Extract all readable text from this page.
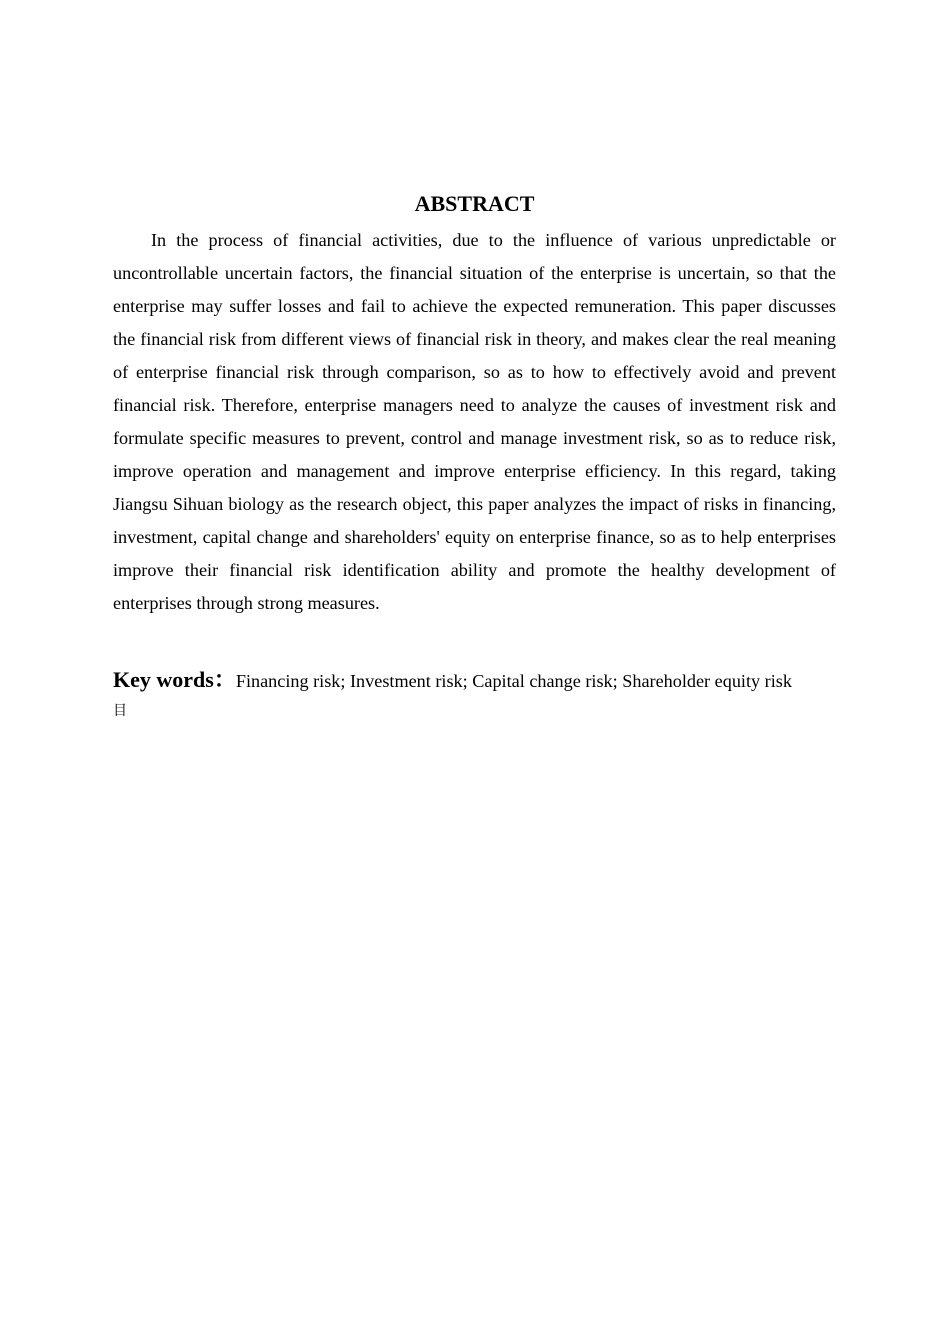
ABSTRACT

In the process of financial activities, due to the influence of various unpredictable or uncontrollable uncertain factors, the financial situation of the enterprise is uncertain, so that the enterprise may suffer losses and fail to achieve the expected remuneration. This paper discusses the financial risk from different views of financial risk in theory, and makes clear the real meaning of enterprise financial risk through comparison, so as to how to effectively avoid and prevent financial risk. Therefore, enterprise managers need to analyze the causes of investment risk and formulate specific measures to prevent, control and manage investment risk, so as to reduce risk, improve operation and management and improve enterprise efficiency. In this regard, taking Jiangsu Sihuan biology as the research object, this paper analyzes the impact of risks in financing, investment, capital change and shareholders' equity on enterprise finance, so as to help enterprises improve their financial risk identification ability and promote the healthy development of enterprises through strong measures.

Key words：Financing risk; Investment risk; Capital change risk; Shareholder equity risk
目
